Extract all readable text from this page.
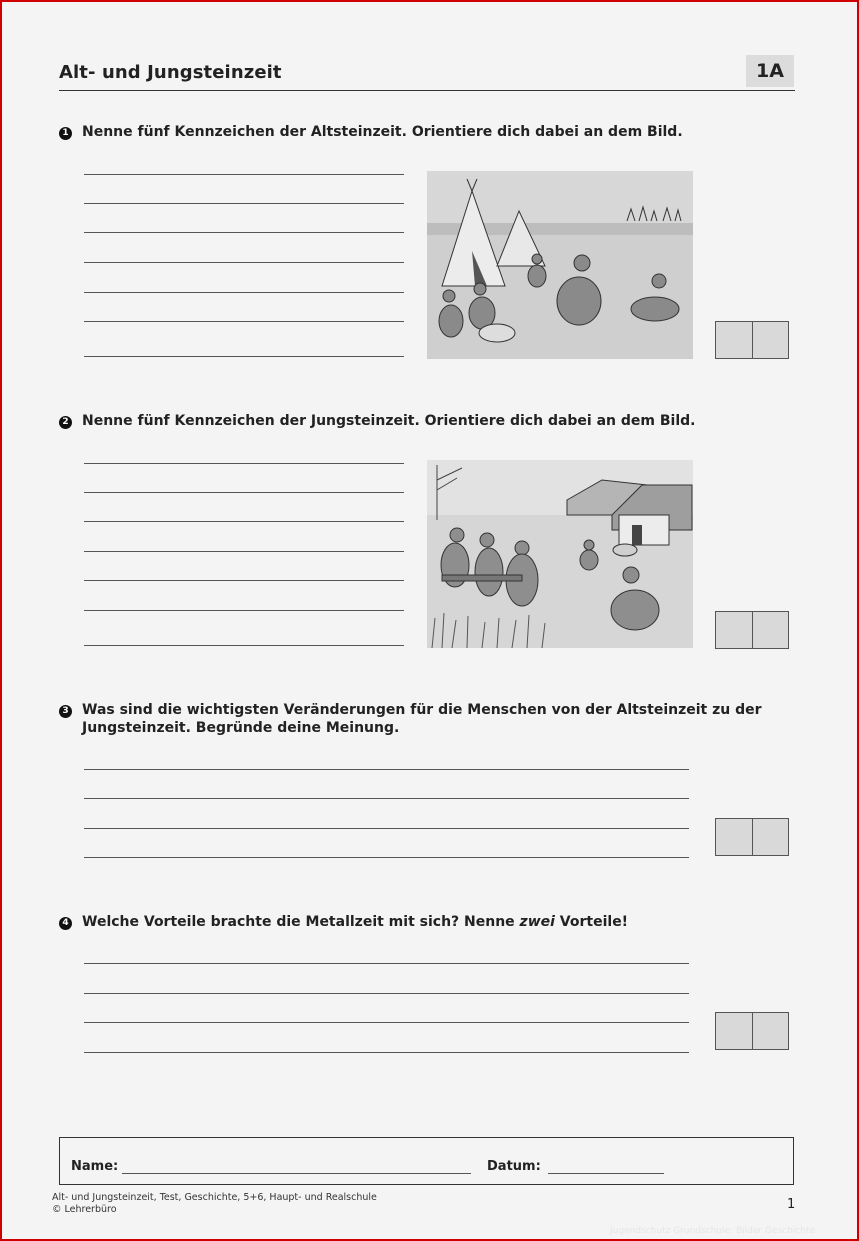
Alt- und Jungsteinzeit	1A
1 Nenne fünf Kennzeichen der Altsteinzeit. Orientiere dich dabei an dem Bild.
2 Nenne fünf Kennzeichen der Jungsteinzeit. Orientiere dich dabei an dem Bild.
3 Was sind die wichtigsten Veränderungen für die Menschen von der Altsteinzeit zu der
Jungsteinzeit. Begründe deine Meinung.
4 Welche Vorteile brachte die Metallzeit mit sich? Nenne zwei Vorteile!
Name:	Datum:
Alt- und Jungsteinzeit, Test, Geschichte, 5+6, Haupt- und Realschule
© Lehrerbüro	1
Jugendschutz Grundschule: Bilder Geschichte
